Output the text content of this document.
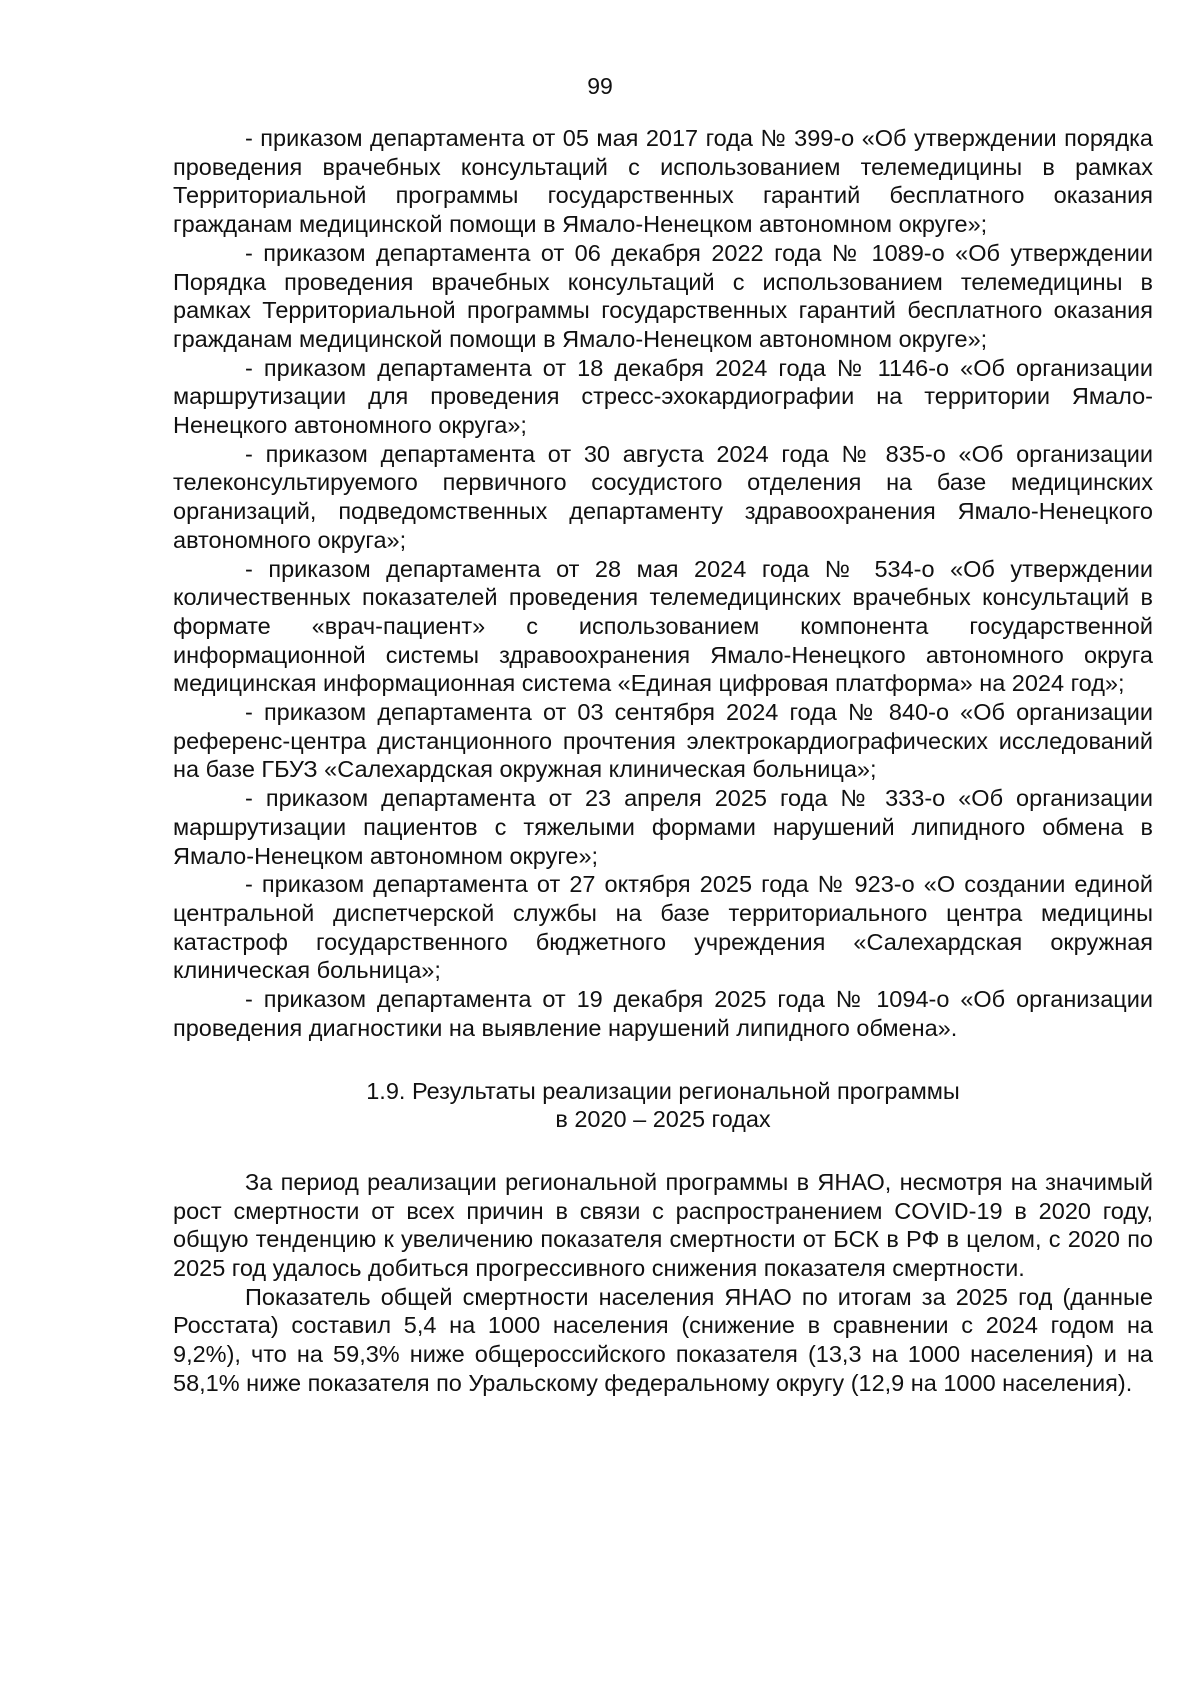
99

- приказом департамента от 05 мая 2017 года № 399-о «Об утверждении порядка проведения врачебных консультаций с использованием телемедицины в рамках Территориальной программы государственных гарантий бесплатного оказания гражданам медицинской помощи в Ямало-Ненецком автономном округе»;

- приказом департамента от 06 декабря 2022 года № 1089-о «Об утверждении Порядка проведения врачебных консультаций с использованием телемедицины в рамках Территориальной программы государственных гарантий бесплатного оказания гражданам медицинской помощи в Ямало-Ненецком автономном округе»;

- приказом департамента от 18 декабря 2024 года № 1146-о «Об организации маршрутизации для проведения стресс-эхокардиографии на территории Ямало-Ненецкого автономного округа»;

- приказом департамента от 30 августа 2024 года № 835-о «Об организации телеконсультируемого первичного сосудистого отделения на базе медицинских организаций, подведомственных департаменту здравоохранения Ямало-Ненецкого автономного округа»;

- приказом департамента от 28 мая 2024 года № 534-о «Об утверждении количественных показателей проведения телемедицинских врачебных консультаций в формате «врач-пациент» с использованием компонента государственной информационной системы здравоохранения Ямало-Ненецкого автономного округа медицинская информационная система «Единая цифровая платформа» на 2024 год»;

- приказом департамента от 03 сентября 2024 года № 840-о «Об организации референс-центра дистанционного прочтения электрокардиографических исследований на базе ГБУЗ «Салехардская окружная клиническая больница»;

- приказом департамента от 23 апреля 2025 года № 333-о «Об организации маршрутизации пациентов с тяжелыми формами нарушений липидного обмена в Ямало-Ненецком автономном округе»;

- приказом департамента от 27 октября 2025 года № 923-о «О создании единой центральной диспетчерской службы на базе территориального центра медицины катастроф государственного бюджетного учреждения «Салехардская окружная клиническая больница»;

- приказом департамента от 19 декабря 2025 года № 1094-о «Об организации проведения диагностики на выявление нарушений липидного обмена».

1.9. Результаты реализации региональной программы
в 2020 – 2025 годах

За период реализации региональной программы в ЯНАО, несмотря на значимый рост смертности от всех причин в связи с распространением COVID-19 в 2020 году, общую тенденцию к увеличению показателя смертности от БСК в РФ в целом, с 2020 по 2025 год удалось добиться прогрессивного снижения показателя смертности.

Показатель общей смертности населения ЯНАО по итогам за 2025 год (данные Росстата) составил 5,4 на 1000 населения (снижение в сравнении с 2024 годом на 9,2%), что на 59,3% ниже общероссийского показателя (13,3 на 1000 населения) и на 58,1% ниже показателя по Уральскому федеральному округу (12,9 на 1000 населения).
